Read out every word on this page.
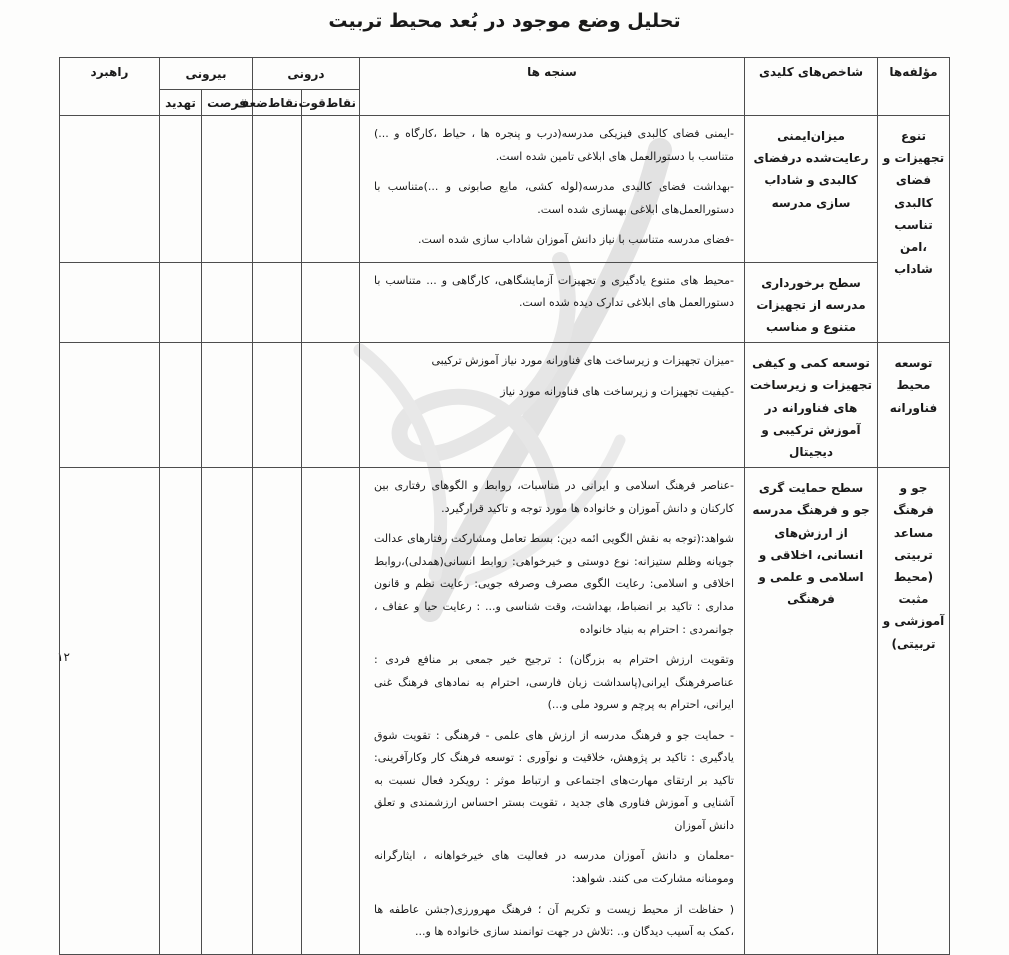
تحلیل وضع موجود در بُعد محیط تربیت
مؤلفه‌ها	شاخص‌های کلیدی	سنجه ها	درونی		بیرونی		راهبرد
			نقاط‌قوت	نقاط‌ضعف	فرصت	تهدید	
تنوع تجهیزات و فضای کالبدی تناسب ،امن شاداب	میزان‌ایمنی رعایت‌شده درفضای کالبدی و شاداب سازی مدرسه	-ایمنی فضای کالبدی فیزیکی مدرسه(درب و پنجره ها ، حیاط ،کارگاه و ...) متناسب با دستورالعمل های ابلاغی تامین شده است.

-بهداشت فضای کالبدی مدرسه(لوله کشی، مایع صابونی و ...)متناسب با دستورالعمل‌های ابلاغی بهسازی شده است.

-فضای مدرسه متناسب با نیاز دانش آموزان شاداب سازی شده است.					

	سطح برخورداری مدرسه از تجهیزات متنوع و مناسب	-محیط های متنوع یادگیری و تجهیزات آزمایشگاهی، کارگاهی و ... متناسب با دستورالعمل های ابلاغی تدارک دیده شده است.					

توسعه محیط فناورانه	توسعه کمی و کیفی تجهیزات و زیرساخت های فناورانه در آموزش ترکیبی و دیجیتال	-میزان تجهیزات و زیرساخت های فناورانه مورد نیاز آموزش ترکیبی

-کیفیت تجهیزات و زیرساخت های فناورانه مورد نیاز					

جو و فرهنگ مساعد تربیتی (محیط مثبت آموزشی و تربیتی)	سطح حمایت گری جو و فرهنگ مدرسه از ارزش‌های انسانی، اخلاقی و اسلامی و علمی و فرهنگی	

-عناصر فرهنگ اسلامی و ایرانی در مناسبات، روابط و الگوهای رفتاری بین کارکنان و دانش آموزان و خانواده ها مورد توجه و تاکید قرارگیرد.

شواهد:(توجه به نقش الگویی ائمه دین: بسط تعامل ومشارکت رفتارهای عدالت جویانه وظلم ستیزانه: نوع دوستی و خیرخواهی: روابط انسانی(همدلی)،روابط اخلاقی و اسلامی: رعایت الگوی مصرف وصرفه جویی: رعایت نظم و قانون مداری : تاکید بر انضباط، بهداشت، وقت شناسی و... : رعایت حیا و عفاف ، جوانمردی : احترام به بنیاد خانواده

وتقویت ارزش احترام به بزرگان) : ترجیح خیر جمعی بر منافع فردی : عناصرفرهنگ ایرانی(پاسداشت زبان فارسی، احترام به نمادهای فرهنگ غنی ایرانی، احترام به پرچم و سرود ملی و...)

- حمایت جو و فرهنگ مدرسه از ارزش های علمی - فرهنگی : تقویت شوق یادگیری : تاکید بر پژوهش، خلاقیت و نوآوری : توسعه فرهنگ کار وکارآفرینی: تاکید بر ارتقای مهارت‌های اجتماعی و ارتباط موثر : رویکرد فعال نسبت به آشنایی و آموزش فناوری های جدید ، تقویت بستر احساس ارزشمندی و تعلق دانش آموزان

-معلمان و دانش آموزان مدرسه در فعالیت های خیرخواهانه ، ایثارگرانه ومومنانه مشارکت می کنند. شواهد:

( حفاظت از محیط زیست و تکریم آن ؛ فرهنگ مهرورزی(جشن عاطفه ها ،کمک به آسیب دیدگان و.. :تلاش در جهت توانمند سازی خانواده ها و...

۱۲
